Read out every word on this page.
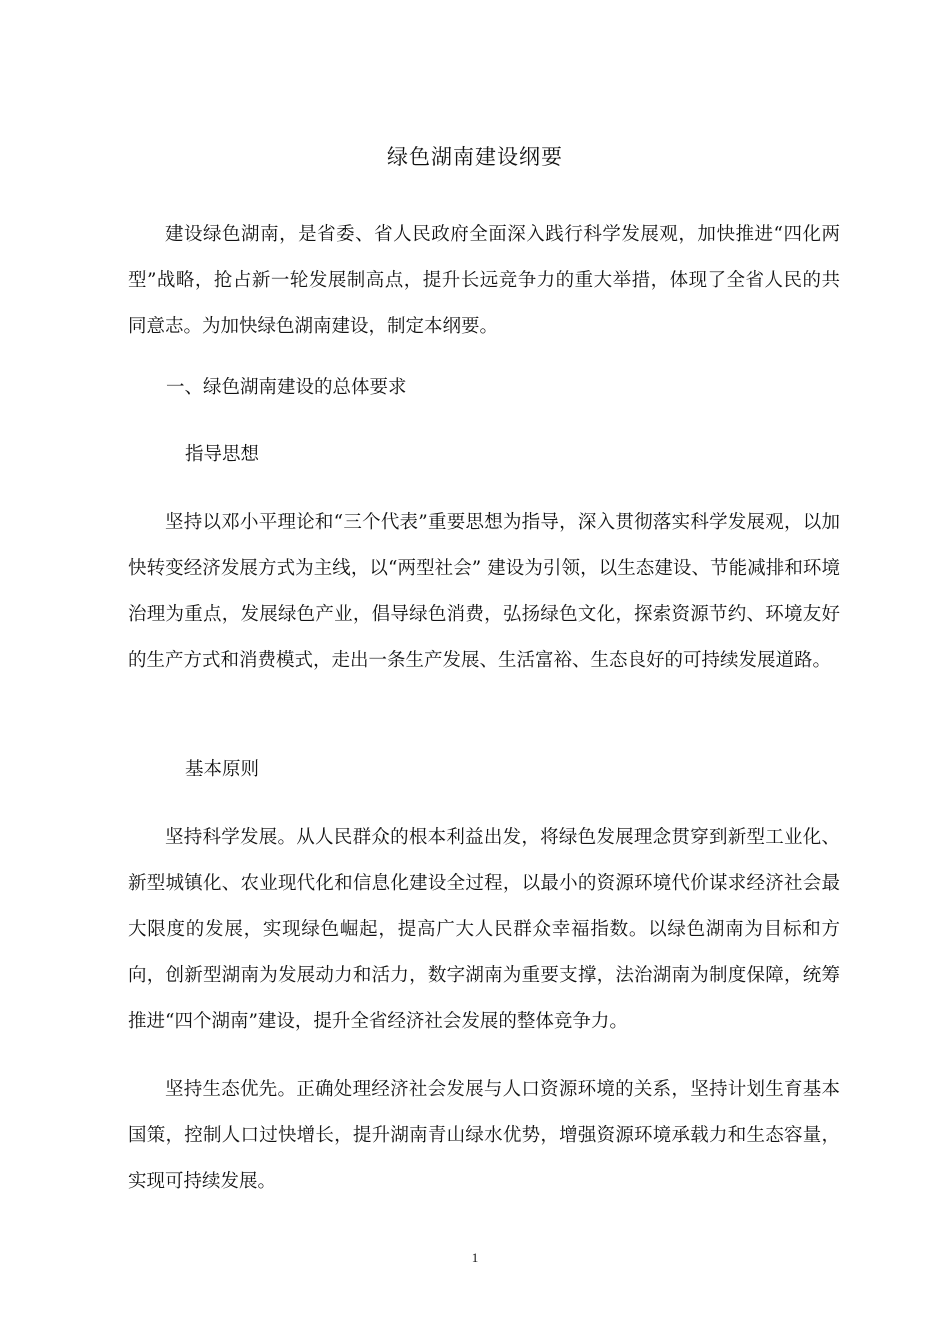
绿色湖南建设纲要

建设绿色湖南，是省委、省人民政府全面深入践行科学发展观，加快推进“四化两型”战略，抢占新一轮发展制高点，提升长远竞争力的重大举措，体现了全省人民的共同意志。为加快绿色湖南建设，制定本纲要。

一、绿色湖南建设的总体要求

指导思想

坚持以邓小平理论和“三个代表”重要思想为指导，深入贯彻落实科学发展观，以加快转变经济发展方式为主线，以“两型社会” 建设为引领，以生态建设、节能减排和环境治理为重点，发展绿色产业，倡导绿色消费，弘扬绿色文化，探索资源节约、环境友好的生产方式和消费模式，走出一条生产发展、生活富裕、生态良好的可持续发展道路。

基本原则

坚持科学发展。从人民群众的根本利益出发，将绿色发展理念贯穿到新型工业化、新型城镇化、农业现代化和信息化建设全过程，以最小的资源环境代价谋求经济社会最大限度的发展，实现绿色崛起，提高广大人民群众幸福指数。以绿色湖南为目标和方向，创新型湖南为发展动力和活力，数字湖南为重要支撑，法治湖南为制度保障，统筹推进“四个湖南”建设，提升全省经济社会发展的整体竞争力。

坚持生态优先。正确处理经济社会发展与人口资源环境的关系，坚持计划生育基本国策，控制人口过快增长，提升湖南青山绿水优势，增强资源环境承载力和生态容量，实现可持续发展。

1
